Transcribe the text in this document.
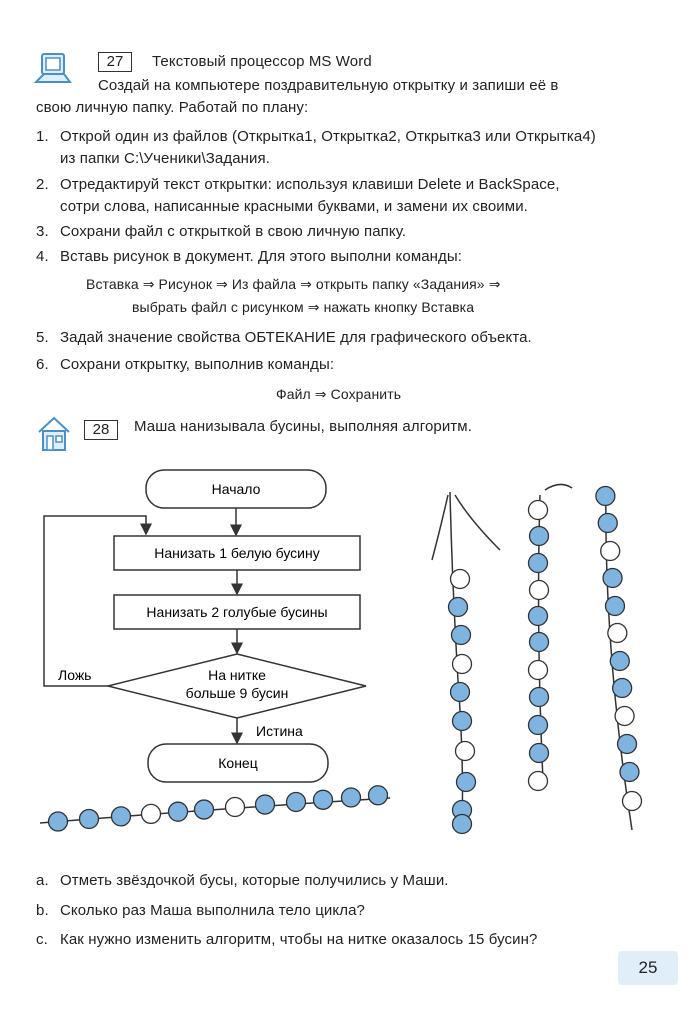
27	Текстовый процессор MS Word
Создай на компьютере поздравительную открытку и запиши её в
свою личную папку. Работай по плану:
1. Открой один из файлов (Открытка1, Открытка2, Открытка3 или Открытка4)
из папки C:\Ученики\Задания.
2. Отредактируй текст открытки: используя клавиши Delete и BackSpace,
сотри слова, написанные красными буквами, и замени их своими.
3. Сохрани файл с открыткой в свою личную папку.
4. Вставь рисунок в документ. Для этого выполни команды:
Вставка ⇒ Рисунок ⇒ Из файла ⇒ открыть папку «Задания» ⇒
выбрать файл с рисунком ⇒ нажать кнопку Вставка
5. Задай значение свойства ОБТЕКАНИЕ для графического объекта.
6. Сохрани открытку, выполнив команды:
Файл ⇒ Сохранить
28	Маша нанизывала бусины, выполняя алгоритм.
Начало
Нанизать 1 белую бусину
Нанизать 2 голубые бусины
На нитке
больше 9 бусин
Ложь
Истина
Конец
a. Отметь звёздочкой бусы, которые получились у Маши.
b. Сколько раз Маша выполнила тело цикла?
c. Как нужно изменить алгоритм, чтобы на нитке оказалось 15 бусин?
25
